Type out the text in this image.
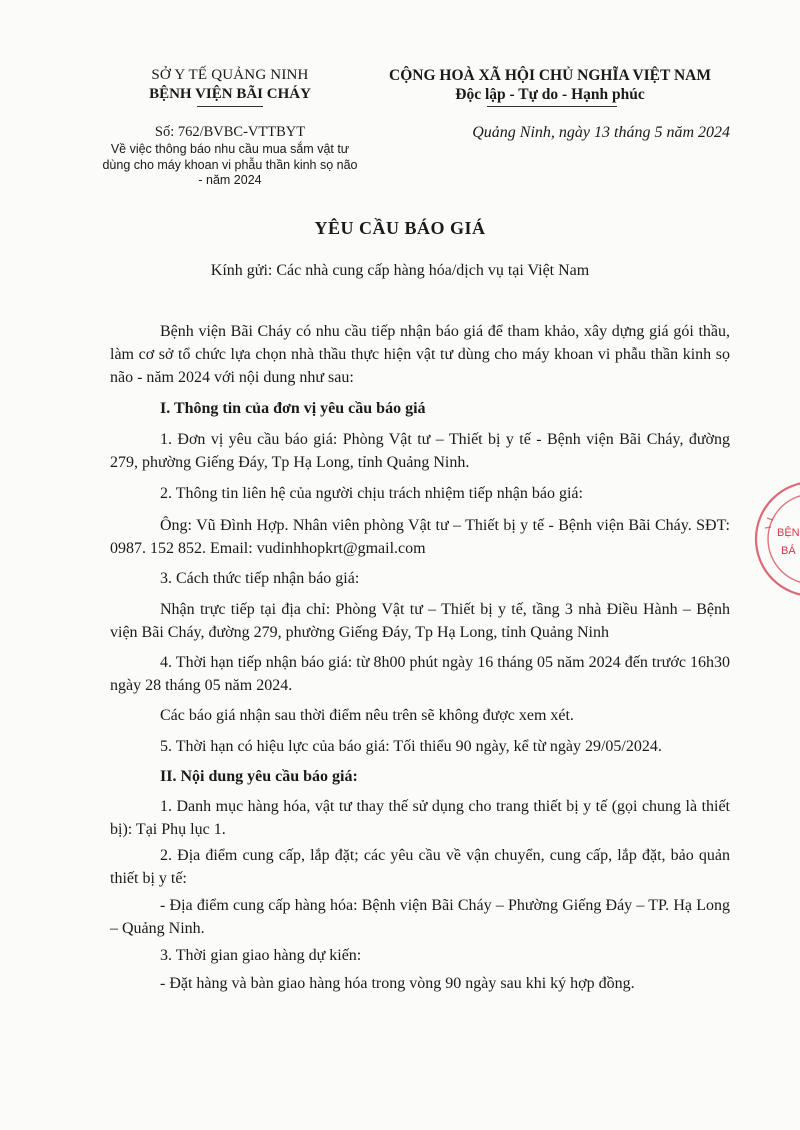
SỞ Y TẾ QUẢNG NINH
BỆNH VIỆN BÃI CHÁY
CỘNG HOÀ XÃ HỘI CHỦ NGHĨA VIỆT NAM
Độc lập - Tự do - Hạnh phúc
Số: 762/BVBC-VTTBYT
Về việc thông báo nhu cầu mua sắm vật tư
dùng cho máy khoan vi phẫu thần kinh sọ não
- năm 2024
Quảng Ninh, ngày 13 tháng 5 năm 2024
YÊU CẦU BÁO GIÁ
Kính gửi: Các nhà cung cấp hàng hóa/dịch vụ tại Việt Nam
Bệnh viện Bãi Cháy có nhu cầu tiếp nhận báo giá để tham khảo, xây dựng giá gói thầu, làm cơ sở tổ chức lựa chọn nhà thầu thực hiện vật tư dùng cho máy khoan vi phẫu thần kinh sọ não - năm 2024 với nội dung như sau:
I. Thông tin của đơn vị yêu cầu báo giá
1. Đơn vị yêu cầu báo giá: Phòng Vật tư – Thiết bị y tế - Bệnh viện Bãi Cháy, đường 279, phường Giếng Đáy, Tp Hạ Long, tỉnh Quảng Ninh.
2. Thông tin liên hệ của người chịu trách nhiệm tiếp nhận báo giá:
Ông: Vũ Đình Hợp. Nhân viên phòng Vật tư – Thiết bị y tế - Bệnh viện Bãi Cháy. SĐT: 0987. 152 852. Email: vudinhhopkrt@gmail.com
3. Cách thức tiếp nhận báo giá:
Nhận trực tiếp tại địa chỉ: Phòng Vật tư – Thiết bị y tế, tầng 3 nhà Điều Hành – Bệnh viện Bãi Cháy, đường 279, phường Giếng Đáy, Tp Hạ Long, tỉnh Quảng Ninh
4. Thời hạn tiếp nhận báo giá: từ 8h00 phút ngày 16 tháng 05 năm 2024 đến trước 16h30 ngày 28 tháng 05 năm 2024.
Các báo giá nhận sau thời điểm nêu trên sẽ không được xem xét.
5. Thời hạn có hiệu lực của báo giá: Tối thiểu 90 ngày, kể từ ngày 29/05/2024.
II. Nội dung yêu cầu báo giá:
1. Danh mục hàng hóa, vật tư thay thế sử dụng cho trang thiết bị y tế (gọi chung là thiết bị): Tại Phụ lục 1.
2. Địa điểm cung cấp, lắp đặt; các yêu cầu về vận chuyển, cung cấp, lắp đặt, bảo quản thiết bị y tế:
- Địa điểm cung cấp hàng hóa: Bệnh viện Bãi Cháy – Phường Giếng Đáy – TP. Hạ Long – Quảng Ninh.
3. Thời gian giao hàng dự kiến:
- Đặt hàng và bàn giao hàng hóa trong vòng 90 ngày sau khi ký hợp đồng.
BỆN
BÁ
